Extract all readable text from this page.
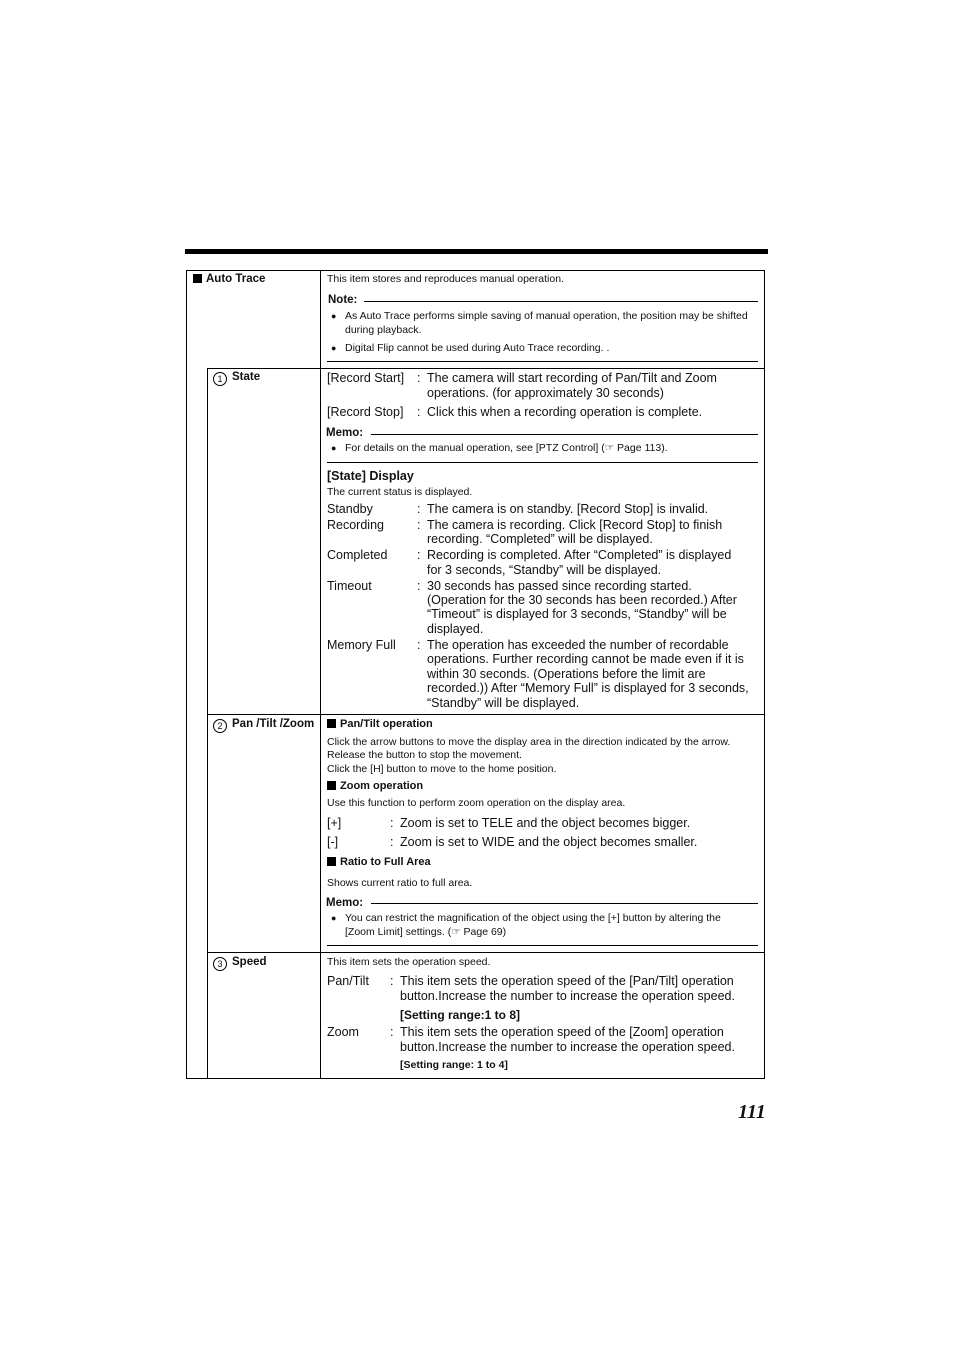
Auto Trace	This item stores and reproduces manual operation.
Note:
● As Auto Trace performs simple saving of manual operation, the position may be shifted
during playback.
● Digital Flip cannot be used during Auto Trace recording. .
1 State	[Record Start] : The camera will start recording of Pan/Tilt and Zoom
operations. (for approximately 30 seconds)
[Record Stop] : Click this when a recording operation is complete.
Memo:
● For details on the manual operation, see [PTZ Control] (☞ Page 113).
[State] Display
The current status is displayed.
Standby	: The camera is on standby. [Record Stop] is invalid.
Recording	: The camera is recording. Click [Record Stop] to finish
recording. “Completed” will be displayed.
Completed : Recording is completed. After “Completed” is displayed
for 3 seconds, “Standby” will be displayed.
Timeout	: 30 seconds has passed since recording started.
(Operation for the 30 seconds has been recorded.) After
“Timeout” is displayed for 3 seconds, “Standby” will be
displayed.
Memory Full : The operation has exceeded the number of recordable
operations. Further recording cannot be made even if it is
within 30 seconds. (Operations before the limit are
recorded.)) After “Memory Full” is displayed for 3 seconds,
“Standby” will be displayed.
2 Pan /Tilt /Zoom	Pan/Tilt operation
Click the arrow buttons to move the display area in the direction indicated by the arrow.
Release the button to stop the movement.
Click the [H] button to move to the home position.
Zoom operation
Use this function to perform zoom operation on the display area.
[+]	: Zoom is set to TELE and the object becomes bigger.
[-]	: Zoom is set to WIDE and the object becomes smaller.
Ratio to Full Area
Shows current ratio to full area.
Memo:
● You can restrict the magnification of the object using the [+] button by altering the
[Zoom Limit] settings. (☞ Page 69)
3 Speed	This item sets the operation speed.
Pan/Tilt : This item sets the operation speed of the [Pan/Tilt] operation
button.Increase the number to increase the operation speed.
[Setting range:1 to 8]
Zoom : This item sets the operation speed of the [Zoom] operation
button.Increase the number to increase the operation speed.
[Setting range: 1 to 4]
111
